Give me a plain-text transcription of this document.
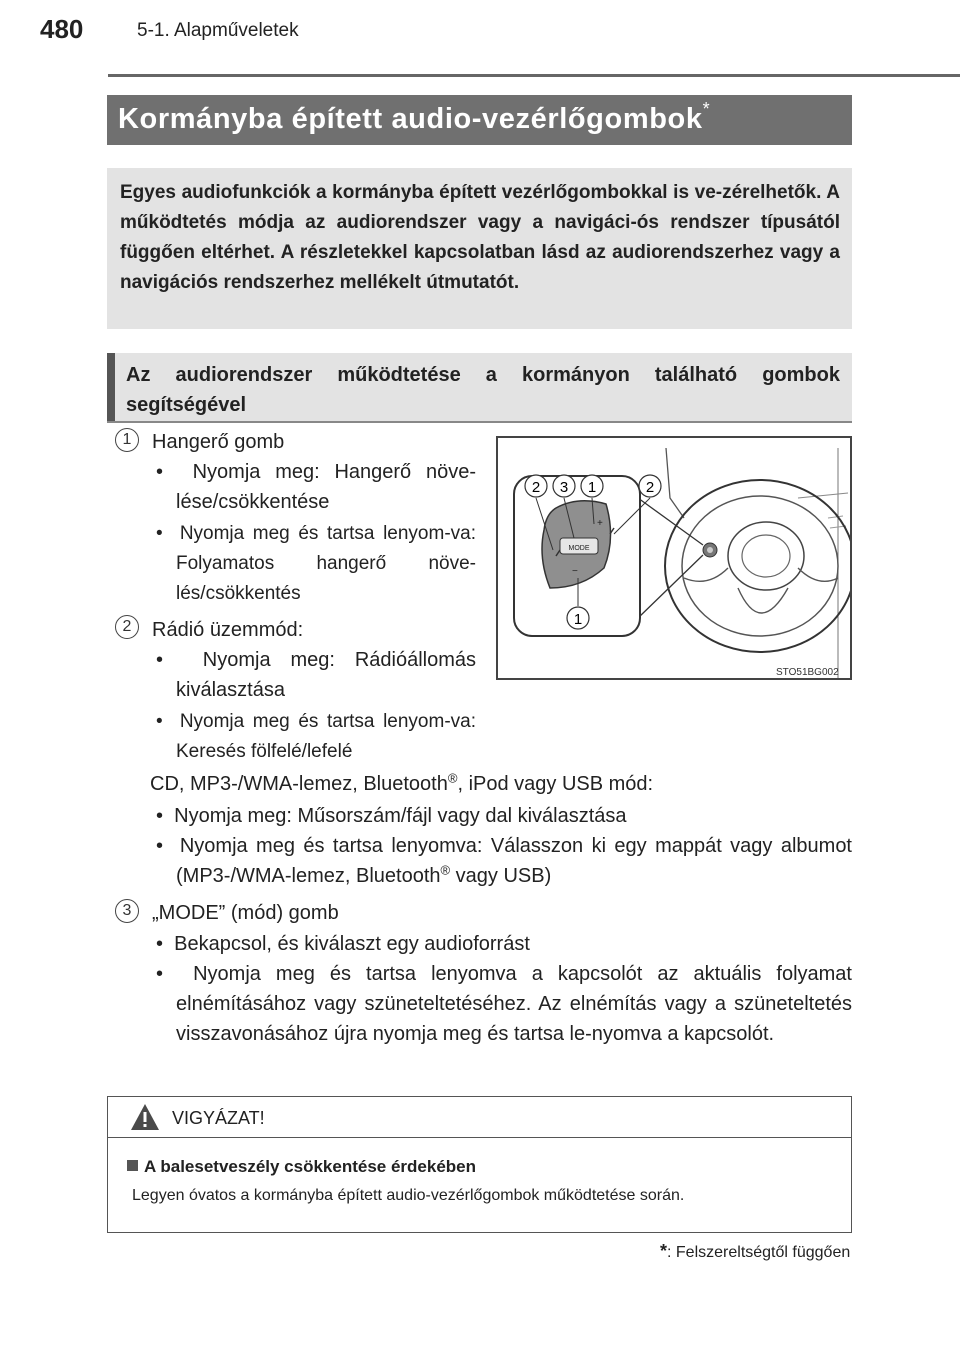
480	5-1. Alapműveletek
Kormányba épített audio-vezérlőgombok*
Egyes audiofunkciók a kormányba épített vezérlőgombokkal is ve-zérelhetők. A működtetés módja az audiorendszer vagy a navigáci-ós rendszer típusától függően eltérhet. A részletekkel kapcsolatban lásd az audiorendszerhez vagy a navigációs rendszerhez mellékelt útmutatót.
Az audiorendszer működtetése a kormányon található gombok segítségével
1	Hangerő gomb
• Nyomja meg: Hangerő növe-lése/csökkentése
• Nyomja meg és tartsa lenyom-va: Folyamatos hangerő növe-lés/csökkentés
2	Rádió üzemmód:
• Nyomja meg: Rádióállomás kiválasztása
• Nyomja meg és tartsa lenyom-va: Keresés fölfelé/lefelé
CD, MP3-/WMA-lemez, Bluetooth®, iPod vagy USB mód:
• Nyomja meg: Műsorszám/fájl vagy dal kiválasztása
• Nyomja meg és tartsa lenyomva: Válasszon ki egy mappát vagy albumot (MP3-/WMA-lemez, Bluetooth® vagy USB)
3	„MODE” (mód) gomb
• Bekapcsol, és kiválaszt egy audioforrást
• Nyomja meg és tartsa lenyomva a kapcsolót az aktuális folyamat elnémításához vagy szüneteltetéséhez. Az elnémítás vagy a szüneteltetés visszavonásához újra nyomja meg és tartsa le-nyomva a kapcsolót.
MODE
+
−
2 3 1	2
1
STO51BG002
VIGYÁZAT!
A balesetveszély csökkentése érdekében
Legyen óvatos a kormányba épített audio-vezérlőgombok működtetése során.
*: Felszereltségtől függően
